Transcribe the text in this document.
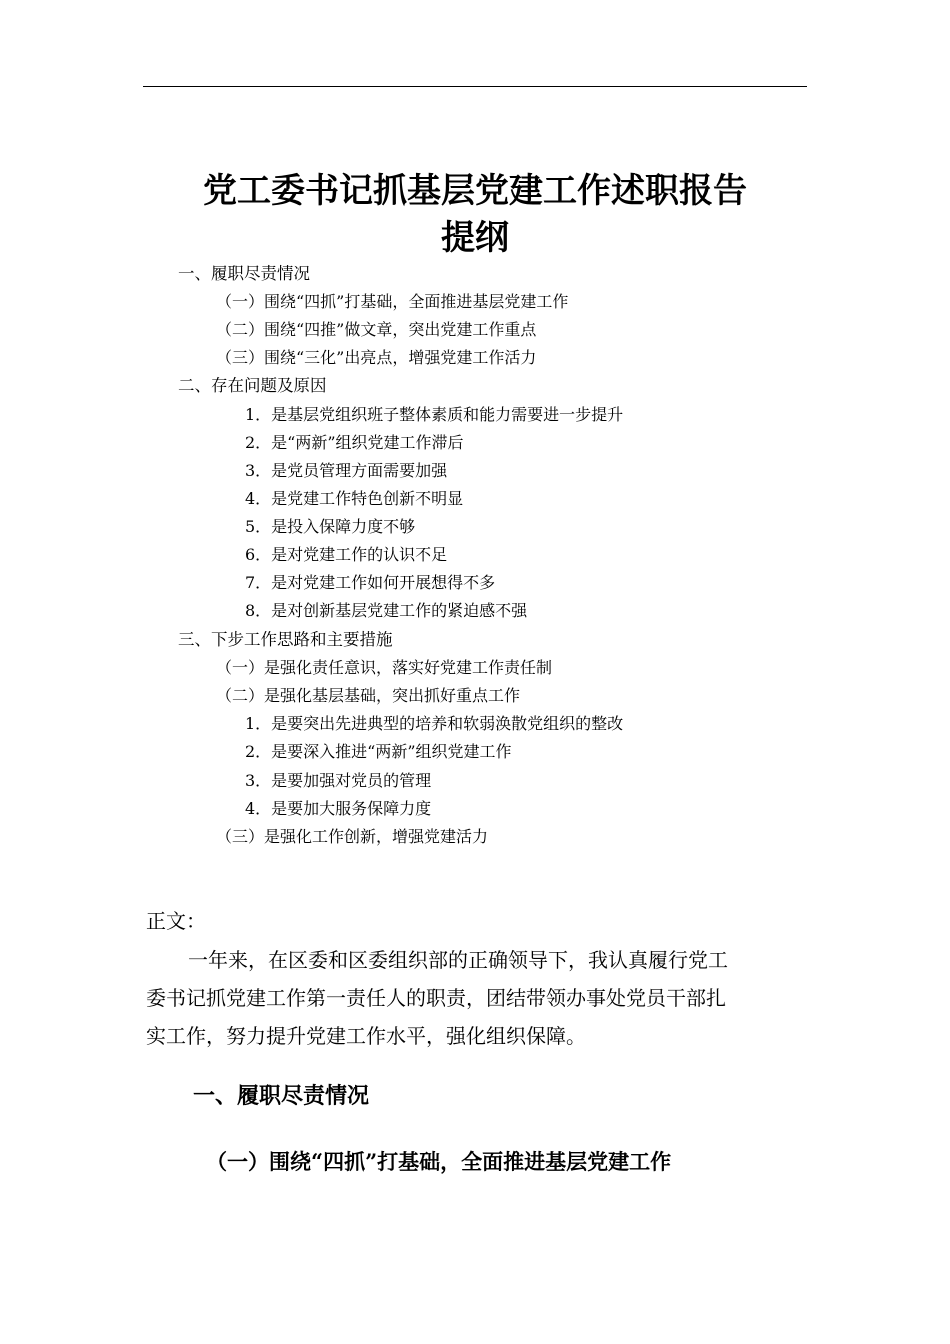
党工委书记抓基层党建工作述职报告
提纲
一、履职尽责情况
（一）围绕“四抓”打基础，全面推进基层党建工作
（二）围绕“四推”做文章，突出党建工作重点
（三）围绕“三化”出亮点，增强党建工作活力
二、存在问题及原因
1．是基层党组织班子整体素质和能力需要进一步提升
2．是“两新”组织党建工作滞后
3．是党员管理方面需要加强
4．是党建工作特色创新不明显
5．是投入保障力度不够
6．是对党建工作的认识不足
7．是对党建工作如何开展想得不多
8．是对创新基层党建工作的紧迫感不强
三、下步工作思路和主要措施
（一）是强化责任意识，落实好党建工作责任制
（二）是强化基层基础，突出抓好重点工作
1．是要突出先进典型的培养和软弱涣散党组织的整改
2．是要深入推进“两新”组织党建工作
3．是要加强对党员的管理
4．是要加大服务保障力度
（三）是强化工作创新，增强党建活力
正文：
一年来，在区委和区委组织部的正确领导下，我认真履行党工
委书记抓党建工作第一责任人的职责，团结带领办事处党员干部扎
实工作，努力提升党建工作水平，强化组织保障。
一、履职尽责情况
（一）围绕“四抓”打基础，全面推进基层党建工作
